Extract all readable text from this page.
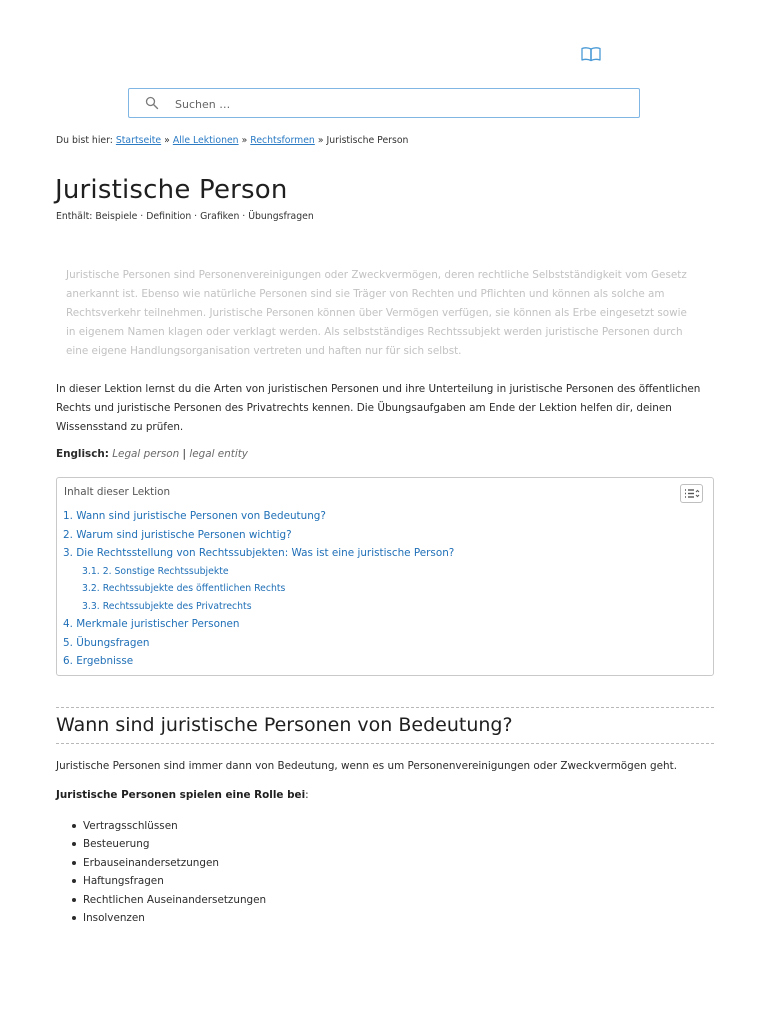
Suchen …
Du bist hier: Startseite » Alle Lektionen » Rechtsformen » Juristische Person
Juristische Person
Enthält: Beispiele · Definition · Grafiken · Übungsfragen

Juristische Personen sind Personenvereinigungen oder Zweckvermögen, deren rechtliche Selbstständigkeit vom Gesetz anerkannt ist. Ebenso wie natürliche Personen sind sie Träger von Rechten und Pflichten und können als solche am Rechtsverkehr teilnehmen. Juristische Personen können über Vermögen verfügen, sie können als Erbe eingesetzt sowie in eigenem Namen klagen oder verklagt werden. Als selbstständiges Rechtssubjekt werden juristische Personen durch eine eigene Handlungsorganisation vertreten und haften nur für sich selbst.

In dieser Lektion lernst du die Arten von juristischen Personen und ihre Unterteilung in juristische Personen des öffentlichen Rechts und juristische Personen des Privatrechts kennen. Die Übungsaufgaben am Ende der Lektion helfen dir, deinen Wissensstand zu prüfen.

Englisch: Legal person | legal entity
Inhalt dieser Lektion
1. Wann sind juristische Personen von Bedeutung?
2. Warum sind juristische Personen wichtig?
3. Die Rechtsstellung von Rechtssubjekten: Was ist eine juristische Person?
3.1. 2. Sonstige Rechtssubjekte
3.2. Rechtssubjekte des öffentlichen Rechts
3.3. Rechtssubjekte des Privatrechts
4. Merkmale juristischer Personen
5. Übungsfragen
6. Ergebnisse
Wann sind juristische Personen von Bedeutung?

Juristische Personen sind immer dann von Bedeutung, wenn es um Personenvereinigungen oder Zweckvermögen geht.

Juristische Personen spielen eine Rolle bei:

Vertragsschlüssen
Besteuerung
Erbauseinandersetzungen
Haftungsfragen
Rechtlichen Auseinandersetzungen
Insolvenzen
